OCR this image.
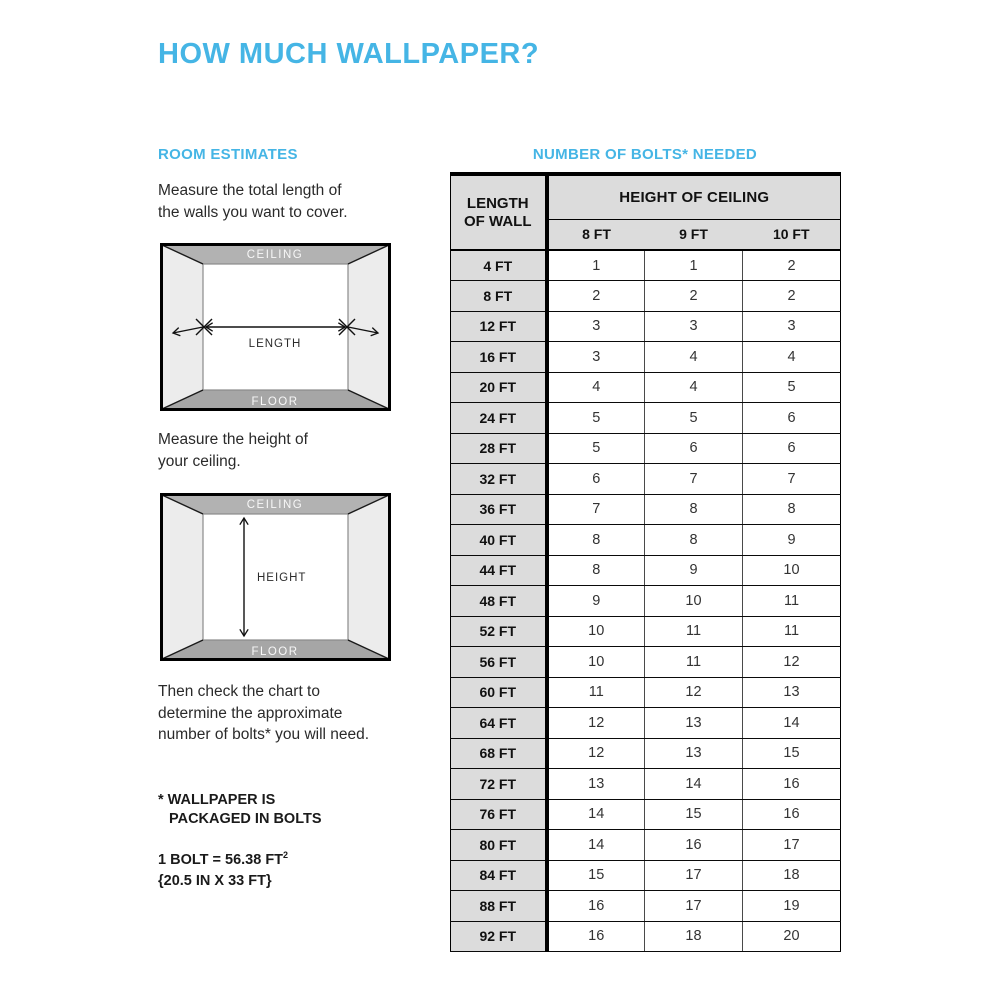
HOW MUCH WALLPAPER?
ROOM ESTIMATES

Measure the total length of
the walls you want to cover.

CEILING
FLOOR
LENGTH

Measure the height of
your ceiling.

CEILING
FLOOR
HEIGHT

Then check the chart to
determine the approximate
number of bolts* you will need.

* WALLPAPER IS
PACKAGED IN BOLTS
1 BOLT = 56.38 $FT^2$
{20.5 IN X 33 FT}
NUMBER OF BOLTS* NEEDED
LENGTH
OF WALL	HEIGHT OF CEILING		
	8 FT	9 FT	10 FT
4 FT	1	1	2
8 FT	2	2	2
12 FT	3	3	3
16 FT	3	4	4
20 FT	4	4	5
24 FT	5	5	6
28 FT	5	6	6
32 FT	6	7	7
36 FT	7	8	8
40 FT	8	8	9
44 FT	8	9	10
48 FT	9	10	11
52 FT	10	11	11
56 FT	10	11	12
60 FT	11	12	13
64 FT	12	13	14
68 FT	12	13	15
72 FT	13	14	16
76 FT	14	15	16
80 FT	14	16	17
84 FT	15	17	18
88 FT	16	17	19
92 FT	16	18	20
